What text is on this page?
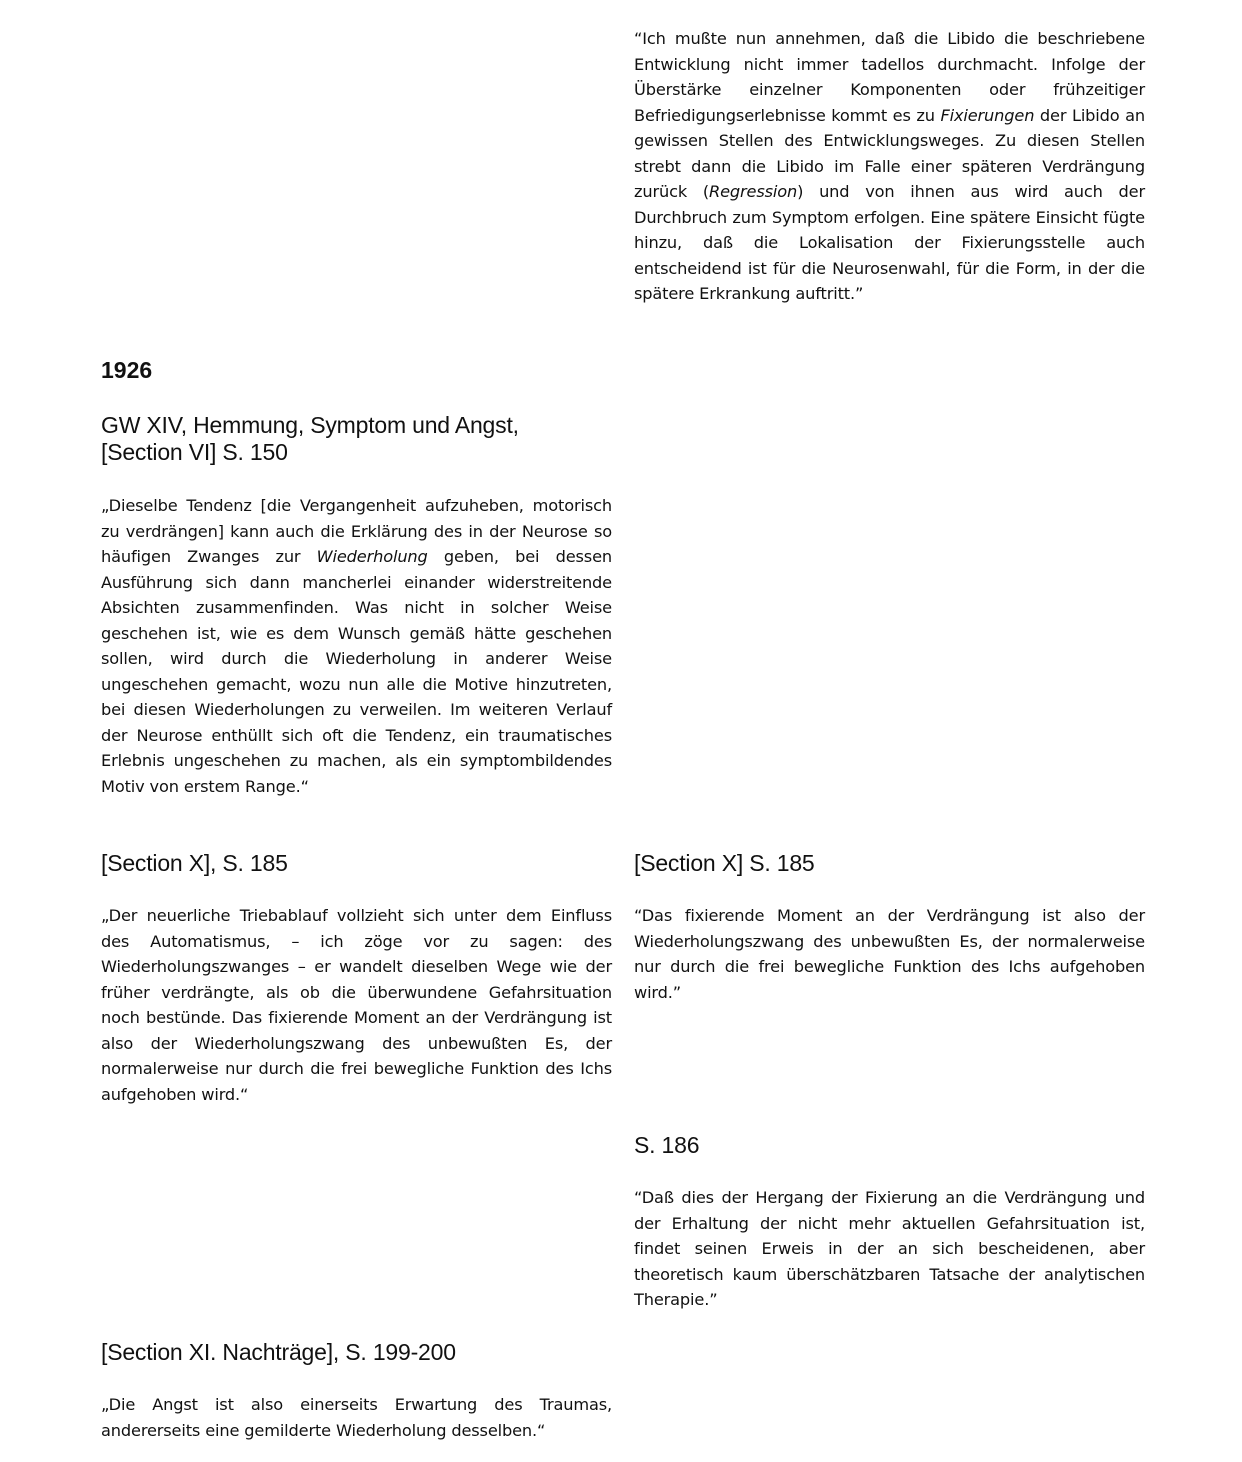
“Ich mußte nun annehmen, daß die Libido die beschriebene Entwicklung nicht immer tadellos durchmacht. Infolge der Überstärke einzelner Komponenten oder frühzeitiger Befriedigungserlebnisse kommt es zu Fixierungen der Libido an gewissen Stellen des Entwicklungsweges. Zu diesen Stellen strebt dann die Libido im Falle einer späteren Verdrängung zurück (Regression) und von ihnen aus wird auch der Durchbruch zum Symptom erfolgen. Eine spätere Einsicht fügte hinzu, daß die Lokalisation der Fixierungsstelle auch entscheidend ist für die Neurosenwahl, für die Form, in der die spätere Erkrankung auftritt.”

1926
GW XIV, Hemmung, Symptom und Angst,
[Section VI] S. 150

„Dieselbe Tendenz [die Vergangenheit aufzuheben, motorisch zu verdrängen] kann auch die Erklärung des in der Neurose so häufigen Zwanges zur Wiederholung geben, bei dessen Ausführung sich dann mancherlei einander widerstreitende Absichten zusammenfinden. Was nicht in solcher Weise geschehen ist, wie es dem Wunsch gemäß hätte geschehen sollen, wird durch die Wiederholung in anderer Weise ungeschehen gemacht, wozu nun alle die Motive hinzutreten, bei diesen Wiederholungen zu verweilen. Im weiteren Verlauf der Neurose enthüllt sich oft die Tendenz, ein traumatisches Erlebnis ungeschehen zu machen, als ein symptombildendes Motiv von erstem Range.“

[Section X], S. 185

„Der neuerliche Triebablauf vollzieht sich unter dem Einfluss des Automatismus, – ich zöge vor zu sagen: des Wiederholungszwanges – er wandelt dieselben Wege wie der früher verdrängte, als ob die überwundene Gefahrsituation noch bestünde. Das fixierende Moment an der Verdrängung ist also der Wiederholungszwang des unbewußten Es, der normalerweise nur durch die frei bewegliche Funktion des Ichs aufgehoben wird.“

[Section X] S. 185

“Das fixierende Moment an der Verdrängung ist also der Wiederholungszwang des unbewußten Es, der normalerweise nur durch die frei bewegliche Funktion des Ichs aufgehoben wird.”

S. 186

“Daß dies der Hergang der Fixierung an die Verdrängung und der Erhaltung der nicht mehr aktuellen Gefahrsituation ist, findet seinen Erweis in der an sich bescheidenen, aber theoretisch kaum überschätzbaren Tatsache der analytischen Therapie.”

[Section XI. Nachträge], S. 199-200

„Die Angst ist also einerseits Erwartung des Traumas, andererseits eine gemilderte Wiederholung desselben.“
